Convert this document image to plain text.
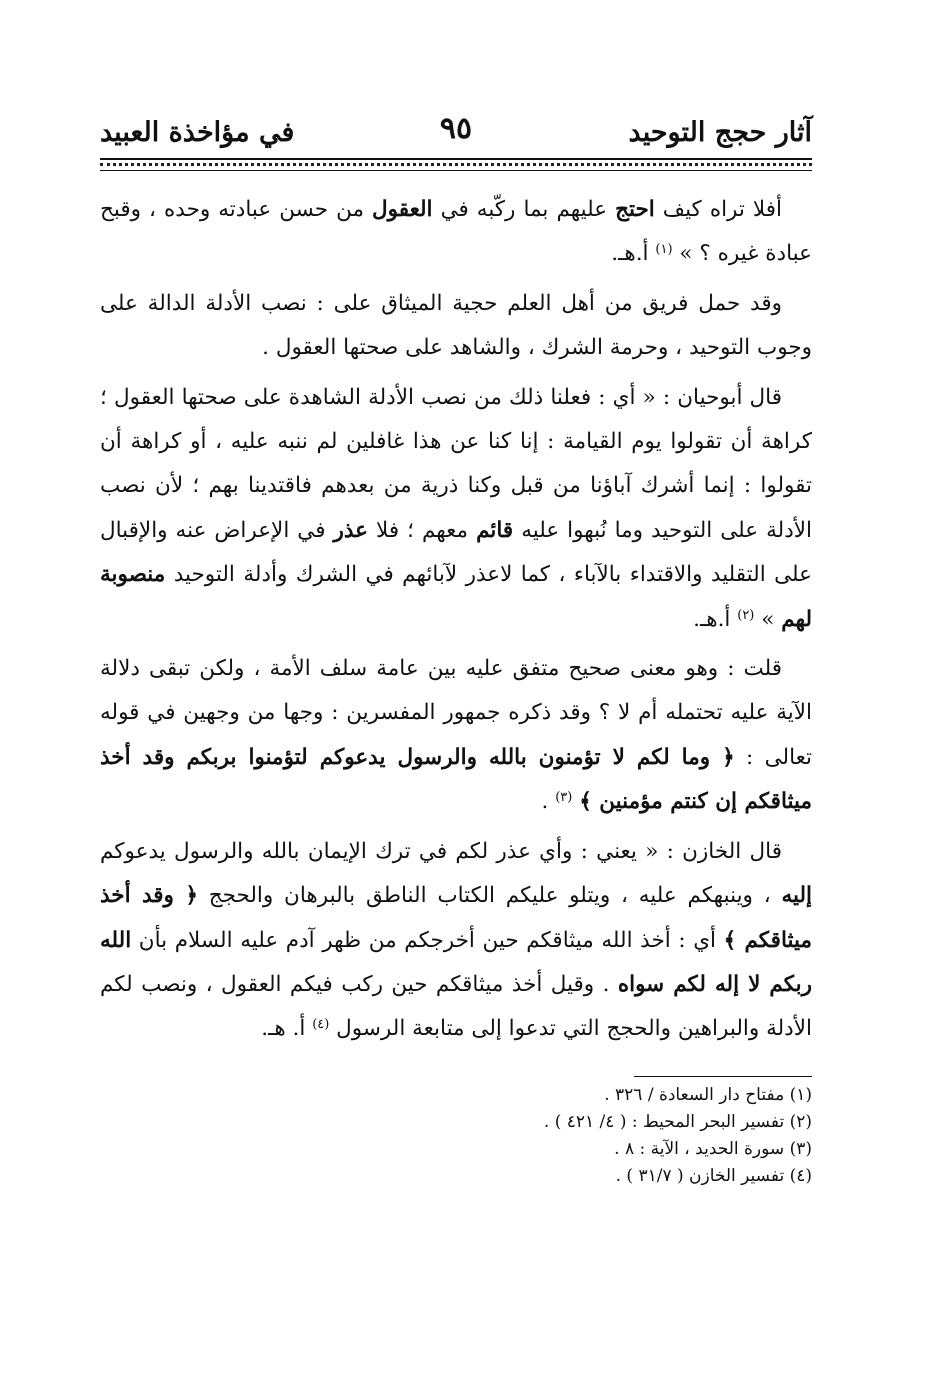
آثار حجج التوحيد
٩٥
في مؤاخذة العبيد

أفلا تراه كيف احتج عليهم بما ركّبه في العقول من حسن عبادته وحده ، وقبح عبادة غيره ؟ » $^{(١)}$ أ.هـ.

وقد حمل فريق من أهل العلم حجية الميثاق على : نصب الأدلة الدالة على وجوب التوحيد ، وحرمة الشرك ، والشاهد على صحتها العقول .

قال أبوحيان : « أي : فعلنا ذلك من نصب الأدلة الشاهدة على صحتها العقول ؛ كراهة أن تقولوا يوم القيامة : إنا كنا عن هذا غافلين لم ننبه عليه ، أو كراهة أن تقولوا : إنما أشرك آباؤنا من قبل وكنا ذرية من بعدهم فاقتدينا بهم ؛ لأن نصب الأدلة على التوحيد وما نُبهوا عليه قائم معهم ؛ فلا عذر في الإعراض عنه والإقبال على التقليد والاقتداء بالآباء ، كما لاعذر لآبائهم في الشرك وأدلة التوحيد منصوبة لهم » $^{(٢)}$ أ.هـ.

قلت : وهو معنى صحيح متفق عليه بين عامة سلف الأمة ، ولكن تبقى دلالة الآية عليه تحتمله أم لا ؟ وقد ذكره جمهور المفسرين : وجها من وجهين في قوله تعالى : ﴿ وما لكم لا تؤمنون بالله والرسول يدعوكم لتؤمنوا بربكم وقد أخذ ميثاقكم إن كنتم مؤمنين ﴾ $^{(٣)}$ .

قال الخازن : « يعني : وأي عذر لكم في ترك الإيمان بالله والرسول يدعوكم إليه ، وينبهكم عليه ، ويتلو عليكم الكتاب الناطق بالبرهان والحجج ﴿ وقد أخذ ميثاقكم ﴾ أي : أخذ الله ميثاقكم حين أخرجكم من ظهر آدم عليه السلام بأن الله ربكم لا إله لكم سواه . وقيل أخذ ميثاقكم حين ركب فيكم العقول ، ونصب لكم الأدلة والبراهين والحجج التي تدعوا إلى متابعة الرسول $^{(٤)}$ أ. هـ.

(١) مفتاح دار السعادة / ٣٢٦ .

(٢) تفسير البحر المحيط : ( ٤/ ٤٢١ ) .

(٣) سورة الحديد ، الآية : ٨ .

(٤) تفسير الخازن ( ٣١/٧ ) .
